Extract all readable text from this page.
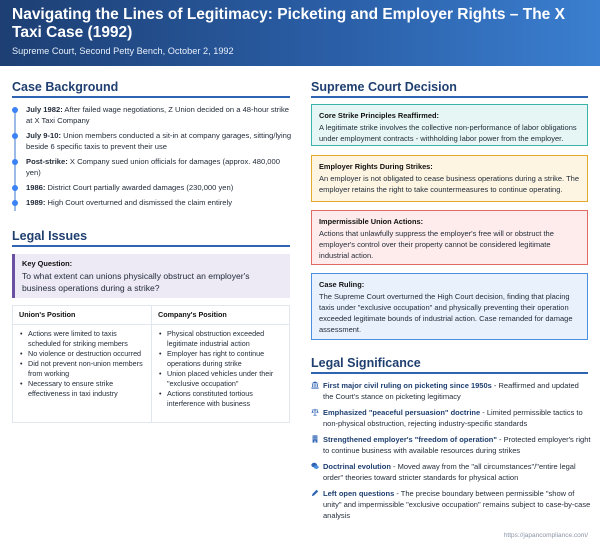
Navigating the Lines of Legitimacy: Picketing and Employer Rights – The X Taxi Case (1992)
Supreme Court, Second Petty Bench, October 2, 1992
Case Background
July 1982: After failed wage negotiations, Z Union decided on a 48-hour strike at X Taxi Company
July 9-10: Union members conducted a sit-in at company garages, sitting/lying beside 6 specific taxis to prevent their use
Post-strike: X Company sued union officials for damages (approx. 480,000 yen)
1986: District Court partially awarded damages (230,000 yen)
1989: High Court overturned and dismissed the claim entirely
Legal Issues
Key Question:
To what extent can unions physically obstruct an employer's business operations during a strike?
Union's Position
• Actions were limited to taxis scheduled for striking members
• No violence or destruction occurred
• Did not prevent non-union members from working
• Necessary to ensure strike effectiveness in taxi industry
Company's Position
• Physical obstruction exceeded legitimate industrial action
• Employer has right to continue operations during strike
• Union placed vehicles under their "exclusive occupation"
• Actions constituted tortious interference with business
Supreme Court Decision
Core Strike Principles Reaffirmed:
A legitimate strike involves the collective non-performance of labor obligations under employment contracts - withholding labor power from the employer.
Employer Rights During Strikes:
An employer is not obligated to cease business operations during a strike. The employer retains the right to take countermeasures to continue operating.
Impermissible Union Actions:
Actions that unlawfully suppress the employer's free will or obstruct the employer's control over their property cannot be considered legitimate industrial action.
Case Ruling:
The Supreme Court overturned the High Court decision, finding that placing taxis under "exclusive occupation" and physically preventing their operation exceeded legitimate bounds of industrial action. Case remanded for damage assessment.
Legal Significance
First major civil ruling on picketing since 1950s - Reaffirmed and updated the Court's stance on picketing legitimacy
Emphasized "peaceful persuasion" doctrine - Limited permissible tactics to non-physical obstruction, rejecting industry-specific standards
Strengthened employer's "freedom of operation" - Protected employer's right to continue business with available resources during strikes
Doctrinal evolution - Moved away from the "all circumstances"/"entire legal order" theories toward stricter standards for physical action
Left open questions - The precise boundary between permissible "show of unity" and impermissible "exclusive occupation" remains subject to case-by-case analysis
https://japancompliance.com/
